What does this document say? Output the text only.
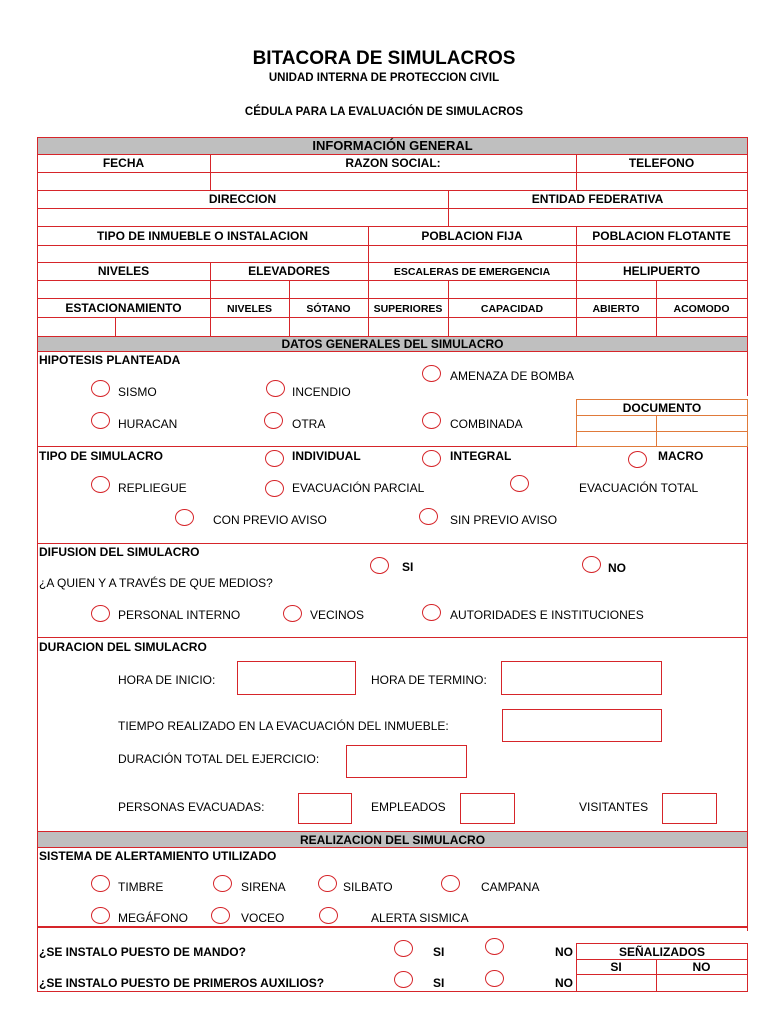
BITACORA DE SIMULACROS
UNIDAD INTERNA DE PROTECCION CIVIL
CÉDULA PARA LA EVALUACIÓN DE SIMULACROS
INFORMACIÓN GENERAL
FECHA	RAZON SOCIAL:	TELEFONO
DIRECCION	ENTIDAD FEDERATIVA
TIPO DE INMUEBLE O INSTALACION	POBLACION FIJA	POBLACION FLOTANTE
NIVELES	ELEVADORES	ESCALERAS DE EMERGENCIA	HELIPUERTO
ESTACIONAMIENTO	NIVELES	SÓTANO	SUPERIORES	CAPACIDAD	ABIERTO	ACOMODO
DATOS GENERALES DEL SIMULACRO
HIPOTESIS PLANTEADA
SISMO	INCENDIO
AMENAZA DE BOMBA
HURACAN	OTRA	COMBINADA
DOCUMENTO
TIPO DE SIMULACRO	INDIVIDUAL	INTEGRAL	MACRO
REPLIEGUE	EVACUACIÓN PARCIAL	EVACUACIÓN TOTAL
CON PREVIO AVISO	SIN PREVIO AVISO
DIFUSION DEL SIMULACRO
SI	NO
¿A QUIEN Y A TRAVÉS DE QUE MEDIOS?
PERSONAL INTERNO	VECINOS	AUTORIDADES E INSTITUCIONES
DURACION DEL SIMULACRO
HORA DE INICIO:	HORA DE TERMINO:
TIEMPO REALIZADO EN LA EVACUACIÓN DEL INMUEBLE:
DURACIÓN TOTAL DEL EJERCICIO:
PERSONAS EVACUADAS:	EMPLEADOS	VISITANTES
REALIZACION DEL SIMULACRO
SISTEMA DE ALERTAMIENTO UTILIZADO
TIMBRE	SIRENA	SILBATO	CAMPANA
MEGÁFONO	VOCEO	ALERTA SISMICA
¿SE INSTALO PUESTO DE MANDO?	SI	NO
¿SE INSTALO PUESTO DE PRIMEROS AUXILIOS?	SI	NO
SEÑALIZADOS
SI	NO
